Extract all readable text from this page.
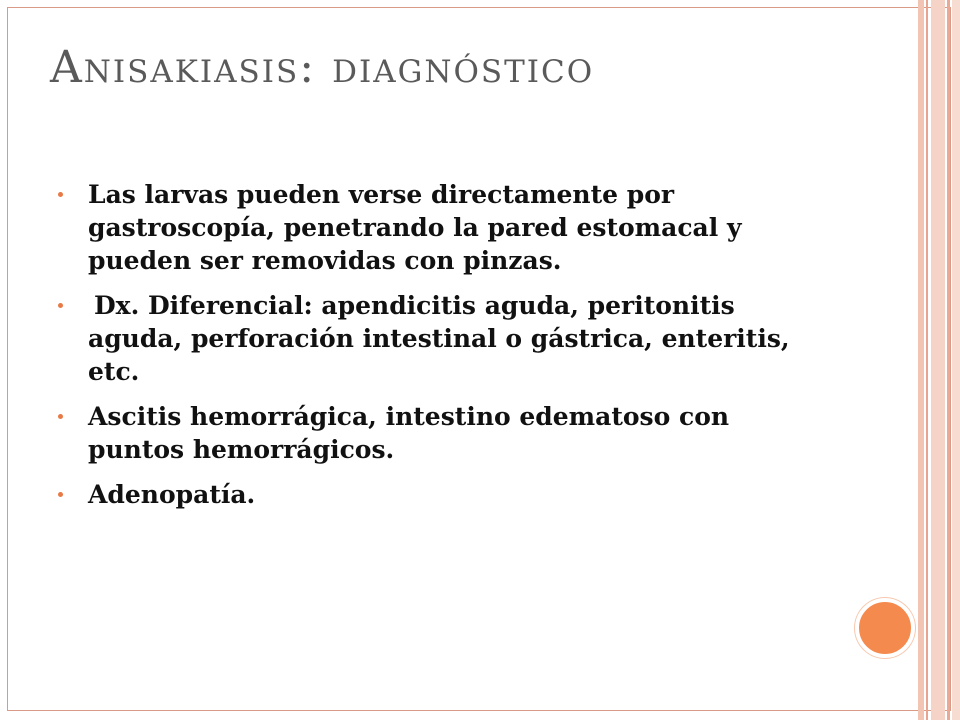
Anisakiasis: diagnóstico
Las larvas pueden verse directamente por gastroscopía, penetrando la pared estomacal y pueden ser removidas con pinzas.
Dx. Diferencial: apendicitis aguda, peritonitis aguda, perforación intestinal o gástrica, enteritis, etc.
Ascitis hemorrágica, intestino edematoso con puntos hemorrágicos.
Adenopatía.
